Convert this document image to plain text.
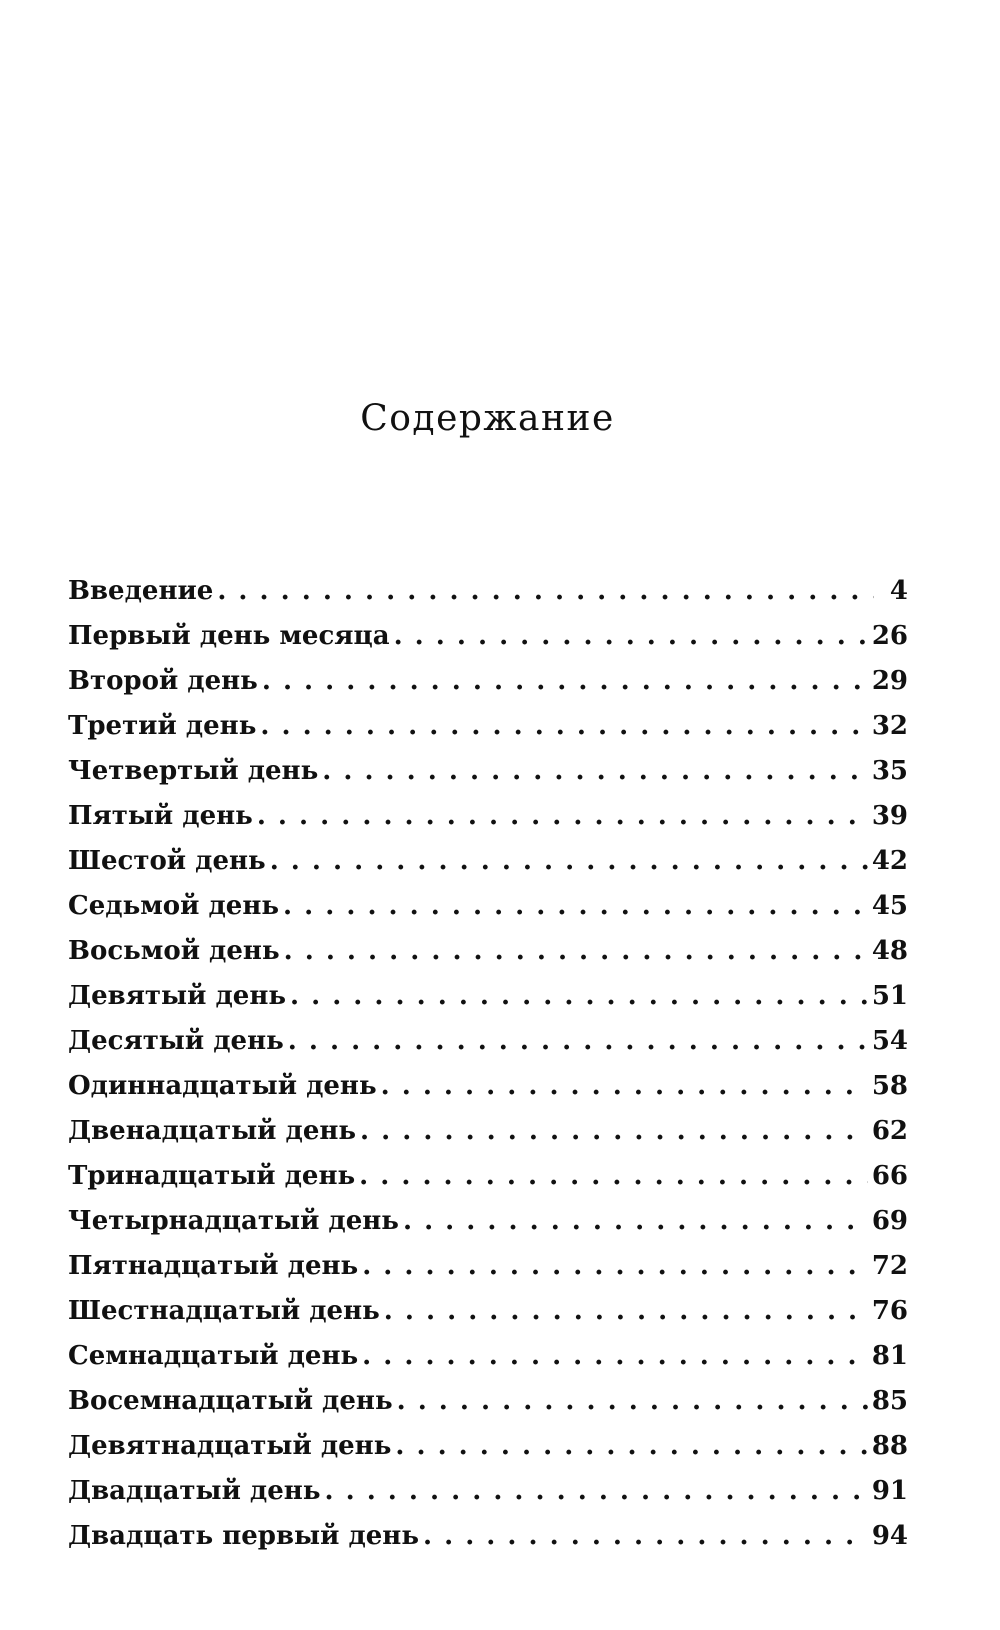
Содержание
Введение . . .	4
Первый день месяца . . .	26
Второй день . . .	29
Третий день . . .	32
Четвертый день . . .	35
Пятый день . . .	39
Шестой день . . .	42
Седьмой день . . .	45
Восьмой день . . .	48
Девятый день . . .	51
Десятый день . . .	54
Одиннадцатый день . . .	58
Двенадцатый день . . .	62
Тринадцатый день . . .	66
Четырнадцатый день . . .	69
Пятнадцатый день . . .	72
Шестнадцатый день . . .	76
Семнадцатый день . . .	81
Восемнадцатый день . . .	85
Девятнадцатый день . . .	88
Двадцатый день . . .	91
Двадцать первый день . . .	94
